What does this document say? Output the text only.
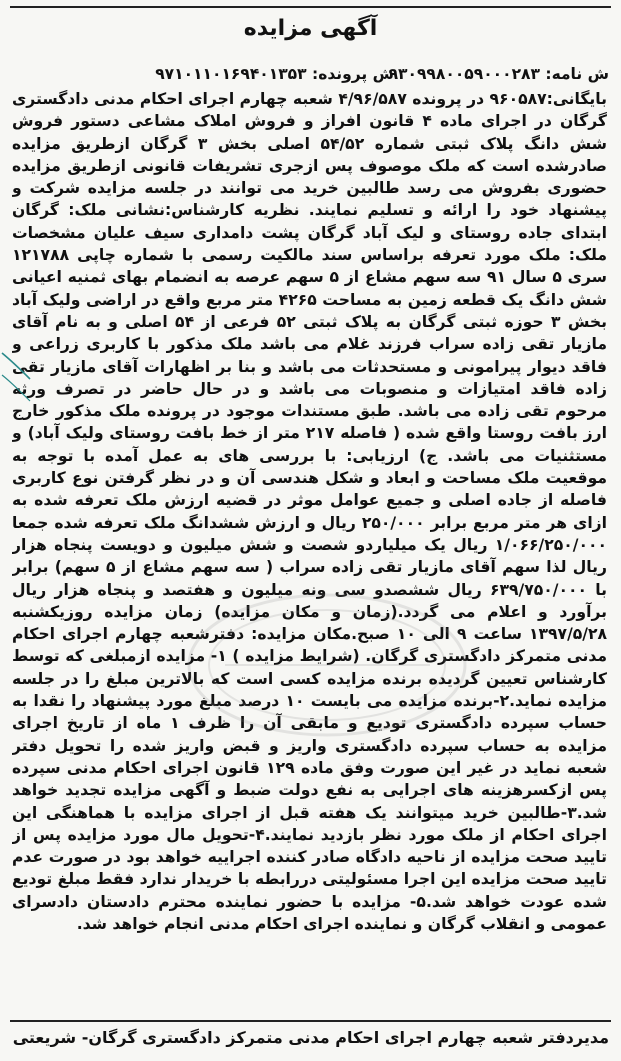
آگهی مزایده
ش نامه: ۹۳۰۹۹۸۰۰۵۹۰۰۰۲۸۳
ش پرونده: ۹۷۱۰۱۱۰۱۶۹۴۰۱۳۵۳
بایگانی:۹۶۰۵۸۷ در پرونده ۴/۹۶/۵۸۷ شعبه چهارم اجرای احکام مدنی دادگستری گرگان در اجرای ماده ۴ قانون افراز و فروش املاک مشاعی دستور فروش شش دانگ پلاک ثبتی شماره ۵۴/۵۲ اصلی بخش ۳ گرگان ازطریق مزایده صادرشده است که ملک موصوف پس ازجری تشریفات قانونی ازطریق مزایده حضوری بفروش می رسد طالبین خرید می توانند در جلسه مزایده شرکت و پیشنهاد خود را ارائه و تسلیم نمایند. نظریه کارشناس:نشانی ملک: گرگان ابتدای جاده روستای و لیک آباد گرگان پشت دامداری سیف علیان مشخصات ملک: ملک مورد تعرفه براساس سند مالکیت رسمی با شماره چاپی ۱۲۱۷۸۸ سری ۵ سال ۹۱ سه سهم مشاع از ۵ سهم عرصه به انضمام بهای ثمنیه اعیانی شش دانگ یک قطعه زمین به مساحت ۴۲۶۵ متر مربع واقع در اراضی ولیک آباد بخش ۳ حوزه ثبتی گرگان به پلاک ثبتی ۵۲ فرعی از ۵۴ اصلی و به نام آقای مازیار تقی زاده سراب فرزند غلام می باشد ملک مذکور با کاربری زراعی و فاقد دیوار پیرامونی و مستحدثات می باشد و بنا بر اظهارات آقای مازیار تقی زاده فاقد امتیازات و منصوبات می باشد و در حال حاضر در تصرف ورثه مرحوم تقی زاده می باشد. طبق مستندات موجود در پرونده ملک مذکور خارج ارز بافت روستا واقع شده ( فاصله ۲۱۷ متر از خط بافت روستای ولیک آباد) و مستثنیات می باشد. ج) ارزیابی: با بررسی های به عمل آمده با توجه به موقعیت ملک مساحت و ابعاد و شکل هندسی آن و در نظر گرفتن نوع کاربری فاصله از جاده اصلی و جمیع عوامل موثر در قضیه ارزش ملک تعرفه شده به ازای هر متر مربع برابر ۲۵۰/۰۰۰ ریال و ارزش ششدانگ ملک تعرفه شده جمعا ۱/۰۶۶/۲۵۰/۰۰۰ ریال یک میلیاردو شصت و شش میلیون و دویست پنجاه هزار ریال لذا سهم آقای مازیار تقی زاده سراب ( سه سهم مشاع از ۵ سهم) برابر با ۶۳۹/۷۵۰/۰۰۰ ریال ششصدو سی ونه میلیون و هفتصد و پنجاه هزار ریال برآورد و اعلام می گردد.(زمان و مکان مزایده) زمان مزایده روزیکشنبه ۱۳۹۷/۵/۲۸ ساعت ۹ الی ۱۰ صبح.مکان مزایده: دفترشعبه چهارم اجرای احکام مدنی متمرکز دادگستری گرگان. (شرایط مزایده ) ۱- مزایده ازمبلغی که توسط کارشناس تعیین گردیده برنده مزایده کسی است که بالاترین مبلغ را در جلسه مزایده نماید.۲-برنده مزایده می بایست ۱۰ درصد مبلغ مورد پیشنهاد را نقدا به حساب سپرده دادگستری تودیع و مابقی آن را ظرف ۱ ماه از تاریخ اجرای مزایده به حساب سپرده دادگستری واریز و قبض واریز شده را تحویل دفتر شعبه نماید در غیر این صورت وفق ماده ۱۲۹ قانون اجرای احکام مدنی سپرده پس ازکسرهزینه های اجرایی به نفع دولت ضبط و آگهی مزایده تجدید خواهد شد.۳-طالبین خرید میتوانند یک هفته قبل از اجرای مزایده با هماهنگی این اجرای احکام از ملک مورد نظر بازدید نمایند.۴-تحویل مال مورد مزایده پس از تایید صحت مزایده از ناحیه دادگاه صادر کننده اجراییه خواهد بود در صورت عدم تایید صحت مزایده این اجرا مسئولیتی دررابطه با خریدار ندارد فقط مبلغ تودیع شده عودت خواهد شد.۵- مزایده با حضور نماینده محترم دادستان دادسرای عمومی و انقلاب گرگان و نماینده اجرای احکام مدنی انجام خواهد شد.
مدیردفتر شعبه چهارم اجرای احکام مدنی متمرکز دادگستری گرگان- شریعتی
